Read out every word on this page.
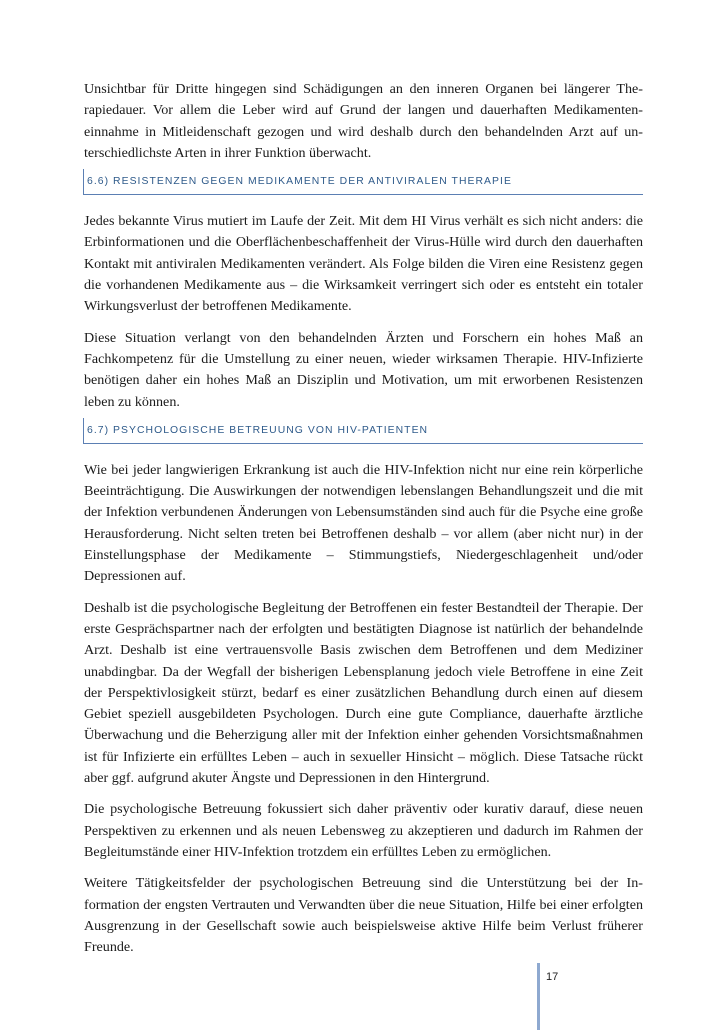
Unsichtbar für Dritte hingegen sind Schädigungen an den inneren Organen bei längerer Therapiedauer. Vor allem die Leber wird auf Grund der langen und dauerhaften Medikamenteneinnahme in Mitleidenschaft gezogen und wird deshalb durch den behandelnden Arzt auf unterschiedlichste Arten in ihrer Funktion überwacht.

6.6) RESISTENZEN GEGEN MEDIKAMENTE DER ANTIVIRALEN THERAPIE

Jedes bekannte Virus mutiert im Laufe der Zeit. Mit dem HI Virus verhält es sich nicht anders: die Erbinformationen und die Oberflächenbeschaffenheit der Virus-Hülle wird durch den dauerhaften Kontakt mit antiviralen Medikamenten verändert. Als Folge bilden die Viren eine Resistenz gegen die vorhandenen Medikamente aus – die Wirksamkeit verringert sich oder es entsteht ein totaler Wirkungsverlust der betroffenen Medikamente.

Diese Situation verlangt von den behandelnden Ärzten und Forschern ein hohes Maß an Fachkompetenz für die Umstellung zu einer neuen, wieder wirksamen Therapie. HIV-Infizierte benötigen daher ein hohes Maß an Disziplin und Motivation, um mit erworbenen Resistenzen leben zu können.

6.7) PSYCHOLOGISCHE BETREUUNG VON HIV-PATIENTEN

Wie bei jeder langwierigen Erkrankung ist auch die HIV-Infektion nicht nur eine rein körperliche Beeinträchtigung. Die Auswirkungen der notwendigen lebenslangen Behandlungszeit und die mit der Infektion verbundenen Änderungen von Lebensumständen sind auch für die Psyche eine große Herausforderung. Nicht selten treten bei Betroffenen deshalb – vor allem (aber nicht nur) in der Einstellungsphase der Medikamente – Stimmungstiefs, Niedergeschlagenheit und/oder Depressionen auf.

Deshalb ist die psychologische Begleitung der Betroffenen ein fester Bestandteil der Therapie. Der erste Gesprächspartner nach der erfolgten und bestätigten Diagnose ist natürlich der behandelnde Arzt. Deshalb ist eine vertrauensvolle Basis zwischen dem Betroffenen und dem Mediziner unabdingbar. Da der Wegfall der bisherigen Lebensplanung jedoch viele Betroffene in eine Zeit der Perspektivlosigkeit stürzt, bedarf es einer zusätzlichen Behandlung durch einen auf diesem Gebiet speziell ausgebildeten Psychologen. Durch eine gute Compliance, dauerhafte ärztliche Überwachung und die Beherzigung aller mit der Infektion einher gehenden Vorsichtsmaßnahmen ist für Infizierte ein erfülltes Leben – auch in sexueller Hinsicht – möglich. Diese Tatsache rückt aber ggf. aufgrund akuter Ängste und Depressionen in den Hintergrund.

Die psychologische Betreuung fokussiert sich daher präventiv oder kurativ darauf, diese neuen Perspektiven zu erkennen und als neuen Lebensweg zu akzeptieren und dadurch im Rahmen der Begleitumstände einer HIV-Infektion trotzdem ein erfülltes Leben zu ermöglichen.

Weitere Tätigkeitsfelder der psychologischen Betreuung sind die Unterstützung bei der Information der engsten Vertrauten und Verwandten über die neue Situation, Hilfe bei einer erfolgten Ausgrenzung in der Gesellschaft sowie auch beispielsweise aktive Hilfe beim Verlust früherer Freunde.

17
